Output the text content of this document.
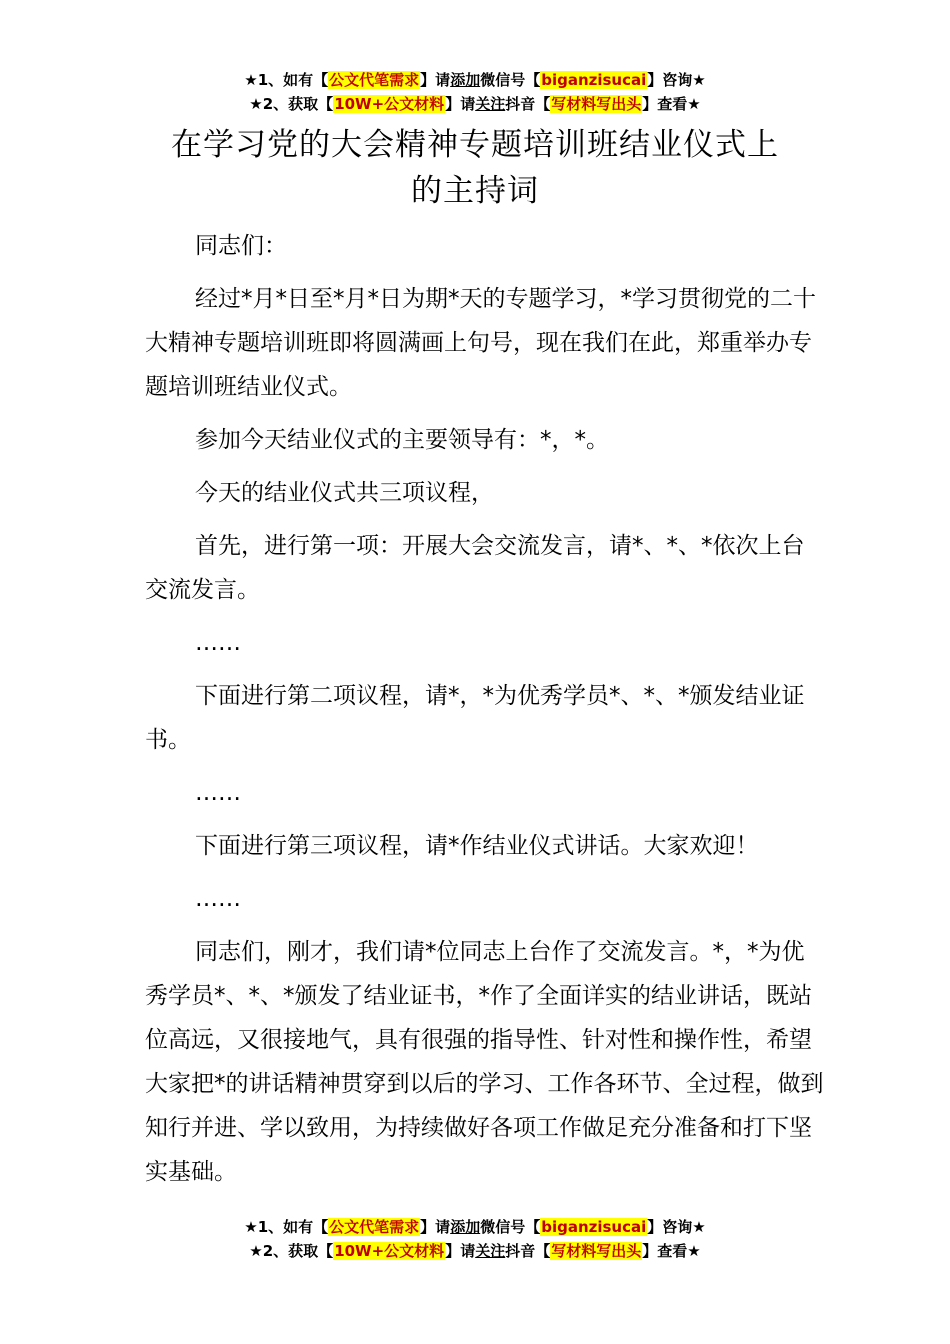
★1、如有【公文代笔需求】请添加微信号【biganzisucai】咨询★
★2、获取【10W+公文材料】请关注抖音【写材料写出头】查看★
在学习党的大会精神专题培训班结业仪式上
的主持词

同志们：

经过*月*日至*月*日为期*天的专题学习，*学习贯彻党的二十大精神专题培训班即将圆满画上句号，现在我们在此，郑重举办专题培训班结业仪式。

参加今天结业仪式的主要领导有：*，*。

今天的结业仪式共三项议程，

首先，进行第一项：开展大会交流发言，请*、*、*依次上台交流发言。

……

下面进行第二项议程，请*，*为优秀学员*、*、*颁发结业证书。

……

下面进行第三项议程，请*作结业仪式讲话。大家欢迎！

……

同志们，刚才，我们请*位同志上台作了交流发言。*，*为优秀学员*、*、*颁发了结业证书，*作了全面详实的结业讲话，既站位高远，又很接地气，具有很强的指导性、针对性和操作性，希望大家把*的讲话精神贯穿到以后的学习、工作各环节、全过程，做到知行并进、学以致用，为持续做好各项工作做足充分准备和打下坚实基础。

★1、如有【公文代笔需求】请添加微信号【biganzisucai】咨询★
★2、获取【10W+公文材料】请关注抖音【写材料写出头】查看★
